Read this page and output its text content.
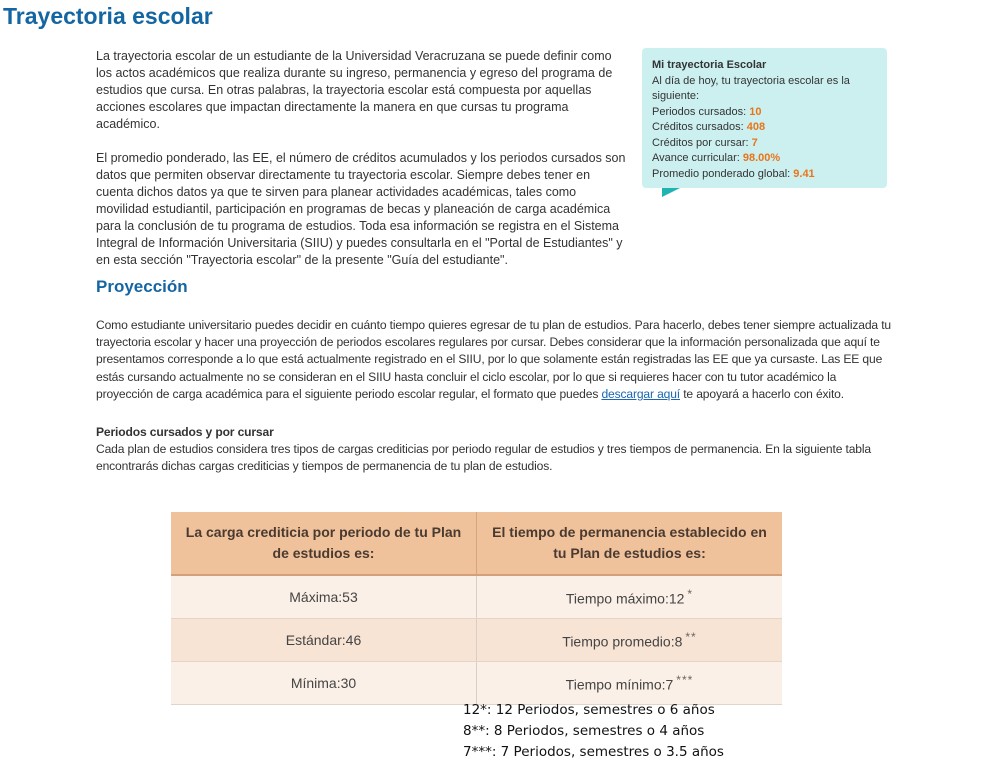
Trayectoria escolar

La trayectoria escolar de un estudiante de la Universidad Veracruzana se puede definir como los actos académicos que realiza durante su ingreso, permanencia y egreso del programa de estudios que cursa. En otras palabras, la trayectoria escolar está compuesta por aquellas acciones escolares que impactan directamente la manera en que cursas tu programa académico.

El promedio ponderado, las EE, el número de créditos acumulados y los periodos cursados son datos que permiten observar directamente tu trayectoria escolar. Siempre debes tener en cuenta dichos datos ya que te sirven para planear actividades académicas, tales como movilidad estudiantil, participación en programas de becas y planeación de carga académica para la conclusión de tu programa de estudios. Toda esa información se registra en el Sistema Integral de Información Universitaria (SIIU) y puedes consultarla en el "Portal de Estudiantes" y en esta sección "Trayectoria escolar" de la presente "Guía del estudiante".

Mi trayectoria Escolar
Al día de hoy, tu trayectoria escolar es la siguiente:
Periodos cursados: 10
Créditos cursados: 408
Créditos por cursar: 7
Avance curricular: 98.00%
Promedio ponderado global: 9.41
Proyección
Como estudiante universitario puedes decidir en cuánto tiempo quieres egresar de tu plan de estudios. Para hacerlo, debes tener siempre actualizada tu trayectoria escolar y hacer una proyección de periodos escolares regulares por cursar. Debes considerar que la información personalizada que aquí te presentamos corresponde a lo que está actualmente registrado en el SIIU, por lo que solamente están registradas las EE que ya cursaste. Las EE que estás cursando actualmente no se consideran en el SIIU hasta concluir el ciclo escolar, por lo que si requieres hacer con tu tutor académico la proyección de carga académica para el siguiente periodo escolar regular, el formato que puedes descargar aquí te apoyará a hacerlo con éxito.
Periodos cursados y por cursar
Cada plan de estudios considera tres tipos de cargas crediticias por periodo regular de estudios y tres tiempos de permanencia. En la siguiente tabla encontrarás dichas cargas crediticias y tiempos de permanencia de tu plan de estudios.
La carga crediticia por periodo de tu Plan de estudios es:	El tiempo de permanencia establecido en tu Plan de estudios es:
Máxima:53	Tiempo máximo:12 *
Estándar:46	Tiempo promedio:8 **
Mínima:30	Tiempo mínimo:7 ***
12*: 12 Periodos, semestres o 6 años
8**: 8 Periodos, semestres o 4 años
7***: 7 Periodos, semestres o 3.5 años
